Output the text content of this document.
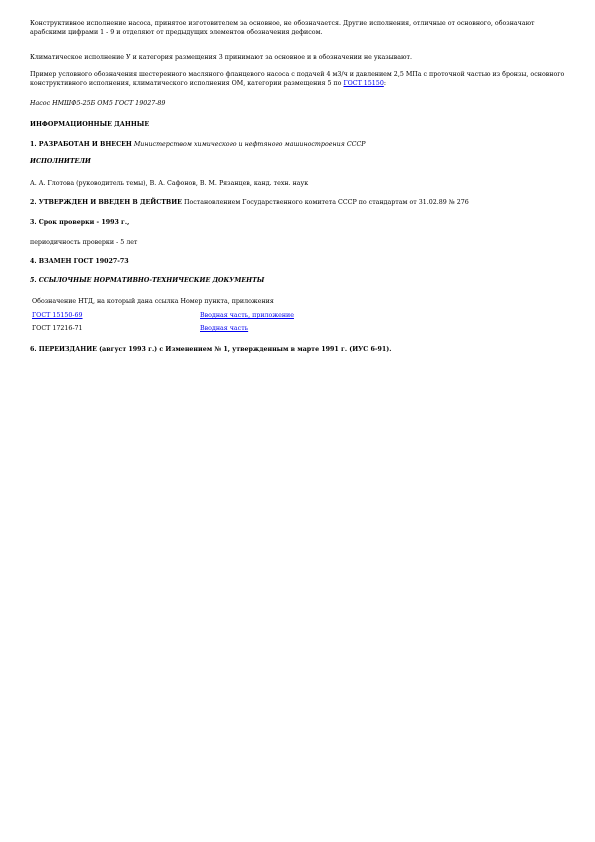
Конструктивное исполнение насоса, принятое изготовителем за основное, не обозначается. Другие исполнения, отличные от основного, обозначают арабскими цифрами 1 - 9 и отделяют от предыдущих элементов обозначения дефисом.

Климатическое исполнение У и категория размещения 3 принимают за основное и в обозначении не указывают.

Пример условного обозначения шестеренного масляного фланцевого насоса с подачей 4 м3/ч и давлением 2,5 МПа с проточной частью из бронзы, основного конструктивного исполнения, климатического исполнения ОМ, категории размещения 5 по ГОСТ 15150:

Насос НМШФ5-25Б ОМ5 ГОСТ 19027-89

ИНФОРМАЦИОННЫЕ ДАННЫЕ

1. РАЗРАБОТАН И ВНЕСЕН Министерством химического и нефтяного машиностроения СССР

ИСПОЛНИТЕЛИ

А. А. Глотова (руководитель темы), В. А. Сафонов, В. М. Рязанцев, канд. техн. наук

2. УТВЕРЖДЕН И ВВЕДЕН В ДЕЙСТВИЕ Постановлением Государственного комитета СССР по стандартам от 31.02.89 № 276

3. Срок проверки - 1993 г.,

периодичность проверки - 5 лет

4. ВЗАМЕН ГОСТ 19027-73

5. ССЫЛОЧНЫЕ НОРМАТИВНО-ТЕХНИЧЕСКИЕ ДОКУМЕНТЫ

Обозначение НТД, на который дана ссылка Номер пункта, приложения
ГОСТ 15150-69	Вводная часть, приложение
ГОСТ 17216-71	Вводная часть

6. ПЕРЕИЗДАНИЕ (август 1993 г.) с Изменением № 1, утвержденным в марте 1991 г. (ИУС 6-91).
